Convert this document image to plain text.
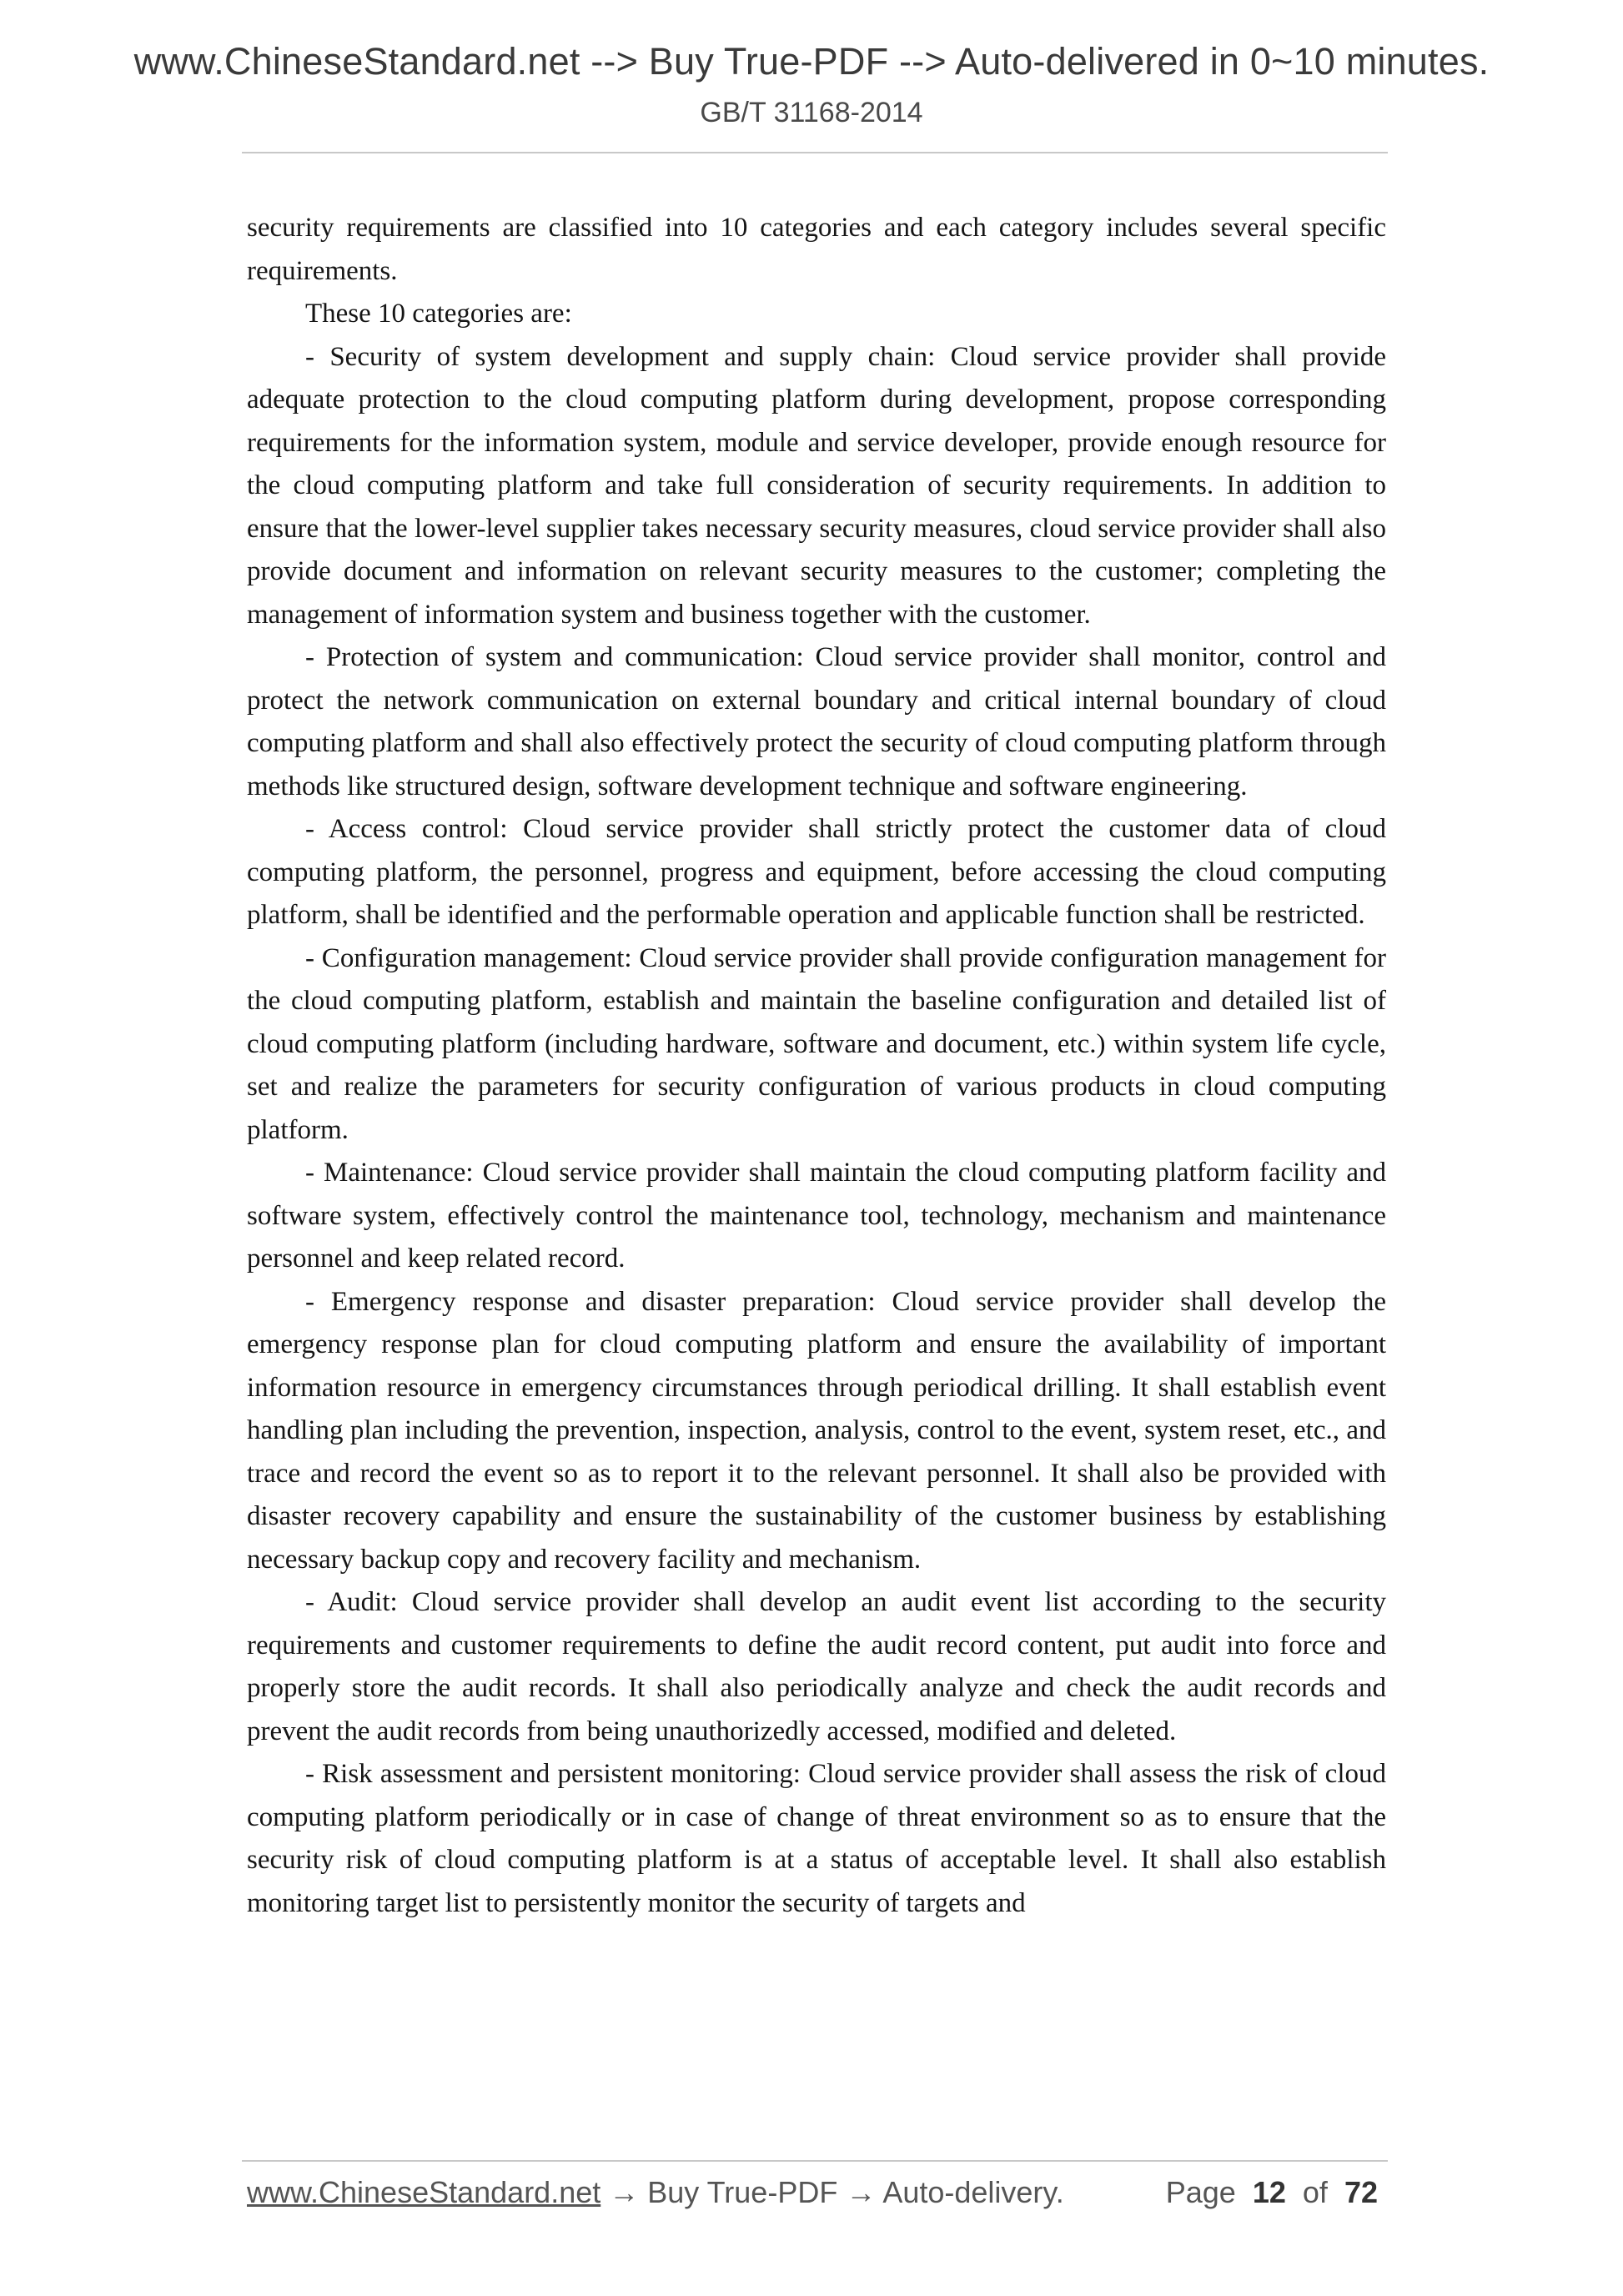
www.ChineseStandard.net --> Buy True-PDF --> Auto-delivered in 0~10 minutes.
GB/T 31168-2014

security requirements are classified into 10 categories and each category includes several specific requirements.

These 10 categories are:

- Security of system development and supply chain: Cloud service provider shall provide adequate protection to the cloud computing platform during development, propose corresponding requirements for the information system, module and service developer, provide enough resource for the cloud computing platform and take full consideration of security requirements. In addition to ensure that the lower-level supplier takes necessary security measures, cloud service provider shall also provide document and information on relevant security measures to the customer; completing the management of information system and business together with the customer.

- Protection of system and communication: Cloud service provider shall monitor, control and protect the network communication on external boundary and critical internal boundary of cloud computing platform and shall also effectively protect the security of cloud computing platform through methods like structured design, software development technique and software engineering.

- Access control: Cloud service provider shall strictly protect the customer data of cloud computing platform, the personnel, progress and equipment, before accessing the cloud computing platform, shall be identified and the performable operation and applicable function shall be restricted.

- Configuration management: Cloud service provider shall provide configuration management for the cloud computing platform, establish and maintain the baseline configuration and detailed list of cloud computing platform (including hardware, software and document, etc.) within system life cycle, set and realize the parameters for security configuration of various products in cloud computing platform.

- Maintenance: Cloud service provider shall maintain the cloud computing platform facility and software system, effectively control the maintenance tool, technology, mechanism and maintenance personnel and keep related record.

- Emergency response and disaster preparation: Cloud service provider shall develop the emergency response plan for cloud computing platform and ensure the availability of important information resource in emergency circumstances through periodical drilling. It shall establish event handling plan including the prevention, inspection, analysis, control to the event, system reset, etc., and trace and record the event so as to report it to the relevant personnel. It shall also be provided with disaster recovery capability and ensure the sustainability of the customer business by establishing necessary backup copy and recovery facility and mechanism.

- Audit: Cloud service provider shall develop an audit event list according to the security requirements and customer requirements to define the audit record content, put audit into force and properly store the audit records. It shall also periodically analyze and check the audit records and prevent the audit records from being unauthorizedly accessed, modified and deleted.

- Risk assessment and persistent monitoring: Cloud service provider shall assess the risk of cloud computing platform periodically or in case of change of threat environment so as to ensure that the security risk of cloud computing platform is at a status of acceptable level. It shall also establish monitoring target list to persistently monitor the security of targets and

www.ChineseStandard.net → Buy True-PDF → Auto-delivery.	Page 12 of 72
